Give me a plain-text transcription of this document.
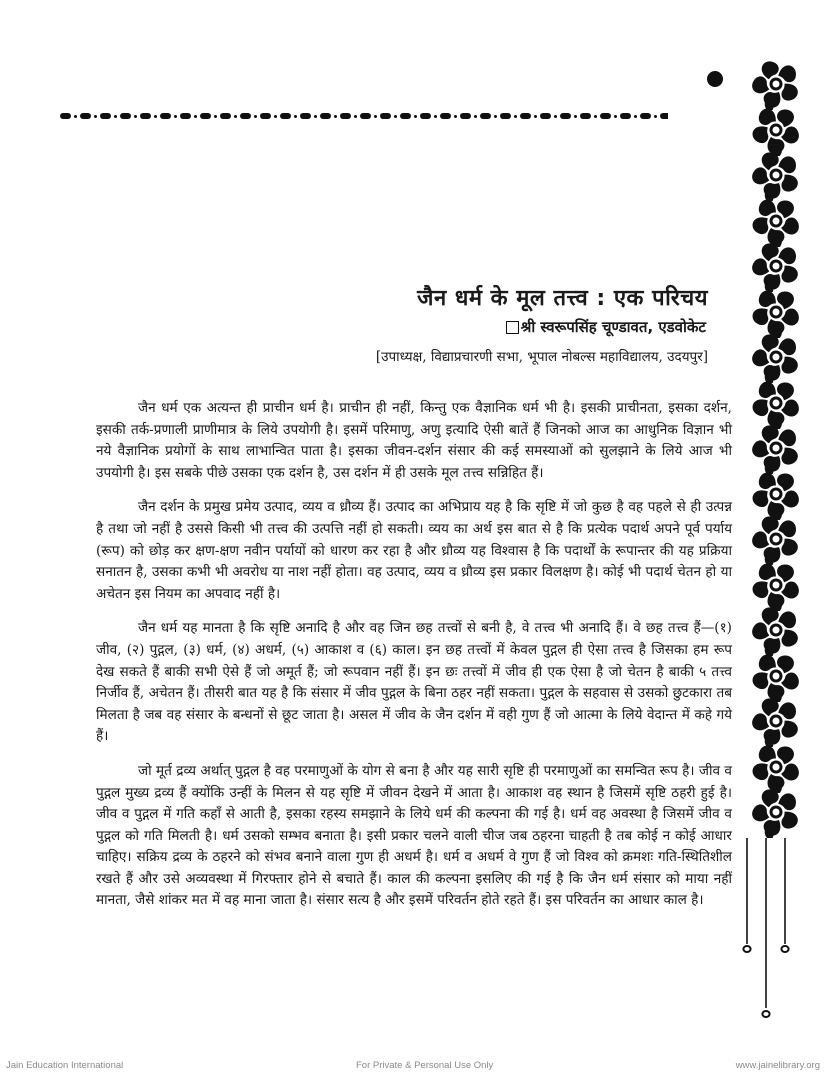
जैन धर्म के मूल तत्त्व : एक परिचय
श्री स्वरूपसिंह चूण्डावत, एडवोकेट
[उपाध्यक्ष, विद्याप्रचारणी सभा, भूपाल नोबल्स महाविद्यालय, उदयपुर]

जैन धर्म एक अत्यन्त ही प्राचीन धर्म है। प्राचीन ही नहीं, किन्तु एक वैज्ञानिक धर्म भी है। इसकी प्राचीनता, इसका दर्शन, इसकी तर्क-प्रणाली प्राणीमात्र के लिये उपयोगी है। इसमें परिमाणु, अणु इत्यादि ऐसी बातें हैं जिनको आज का आधुनिक विज्ञान भी नये वैज्ञानिक प्रयोगों के साथ लाभान्वित पाता है। इसका जीवन-दर्शन संसार की कई समस्याओं को सुलझाने के लिये आज भी उपयोगी है। इस सबके पीछे उसका एक दर्शन है, उस दर्शन में ही उसके मूल तत्त्व सन्निहित हैं।

जैन दर्शन के प्रमुख प्रमेय उत्पाद, व्यय व ध्रौव्य हैं। उत्पाद का अभिप्राय यह है कि सृष्टि में जो कुछ है वह पहले से ही उत्पन्न है तथा जो नहीं है उससे किसी भी तत्त्व की उत्पत्ति नहीं हो सकती। व्यय का अर्थ इस बात से है कि प्रत्येक पदार्थ अपने पूर्व पर्याय (रूप) को छोड़ कर क्षण-क्षण नवीन पर्यायों को धारण कर रहा है और ध्रौव्य यह विश्वास है कि पदार्थों के रूपान्तर की यह प्रक्रिया सनातन है, उसका कभी भी अवरोध या नाश नहीं होता। वह उत्पाद, व्यय व ध्रौव्य इस प्रकार विलक्षण है। कोई भी पदार्थ चेतन हो या अचेतन इस नियम का अपवाद नहीं है।

जैन धर्म यह मानता है कि सृष्टि अनादि है और वह जिन छह तत्त्वों से बनी है, वे तत्त्व भी अनादि हैं। वे छह तत्त्व हैं—(१) जीव, (२) पुद्गल, (३) धर्म, (४) अधर्म, (५) आकाश व (६) काल। इन छह तत्त्वों में केवल पुद्गल ही ऐसा तत्त्व है जिसका हम रूप देख सकते हैं बाकी सभी ऐसे हैं जो अमूर्त हैं; जो रूपवान नहीं हैं। इन छः तत्त्वों में जीव ही एक ऐसा है जो चेतन है बाकी ५ तत्त्व निर्जीव हैं, अचेतन हैं। तीसरी बात यह है कि संसार में जीव पुद्गल के बिना ठहर नहीं सकता। पुद्गल के सहवास से उसको छुटकारा तब मिलता है जब वह संसार के बन्धनों से छूट जाता है। असल में जीव के जैन दर्शन में वही गुण हैं जो आत्मा के लिये वेदान्त में कहे गये हैं।

जो मूर्त द्रव्य अर्थात् पुद्गल है वह परमाणुओं के योग से बना है और यह सारी सृष्टि ही परमाणुओं का समन्वित रूप है। जीव व पुद्गल मुख्य द्रव्य हैं क्योंकि उन्हीं के मिलन से यह सृष्टि में जीवन देखने में आता है। आकाश वह स्थान है जिसमें सृष्टि ठहरी हुई है। जीव व पुद्गल में गति कहाँ से आती है, इसका रहस्य समझाने के लिये धर्म की कल्पना की गई है। धर्म वह अवस्था है जिसमें जीव व पुद्गल को गति मिलती है। धर्म उसको सम्भव बनाता है। इसी प्रकार चलने वाली चीज जब ठहरना चाहती है तब कोई न कोई आधार चाहिए। सक्रिय द्रव्य के ठहरने को संभव बनाने वाला गुण ही अधर्म है। धर्म व अधर्म वे गुण हैं जो विश्व को क्रमशः गति-स्थितिशील रखते हैं और उसे अव्यवस्था में गिरफ्तार होने से बचाते हैं। काल की कल्पना इसलिए की गई है कि जैन धर्म संसार को माया नहीं मानता, जैसे शांकर मत में वह माना जाता है। संसार सत्य है और इसमें परिवर्तन होते रहते हैं। इस परिवर्तन का आधार काल है।

Jain Education International	For Private & Personal Use Only	www.jainelibrary.org
